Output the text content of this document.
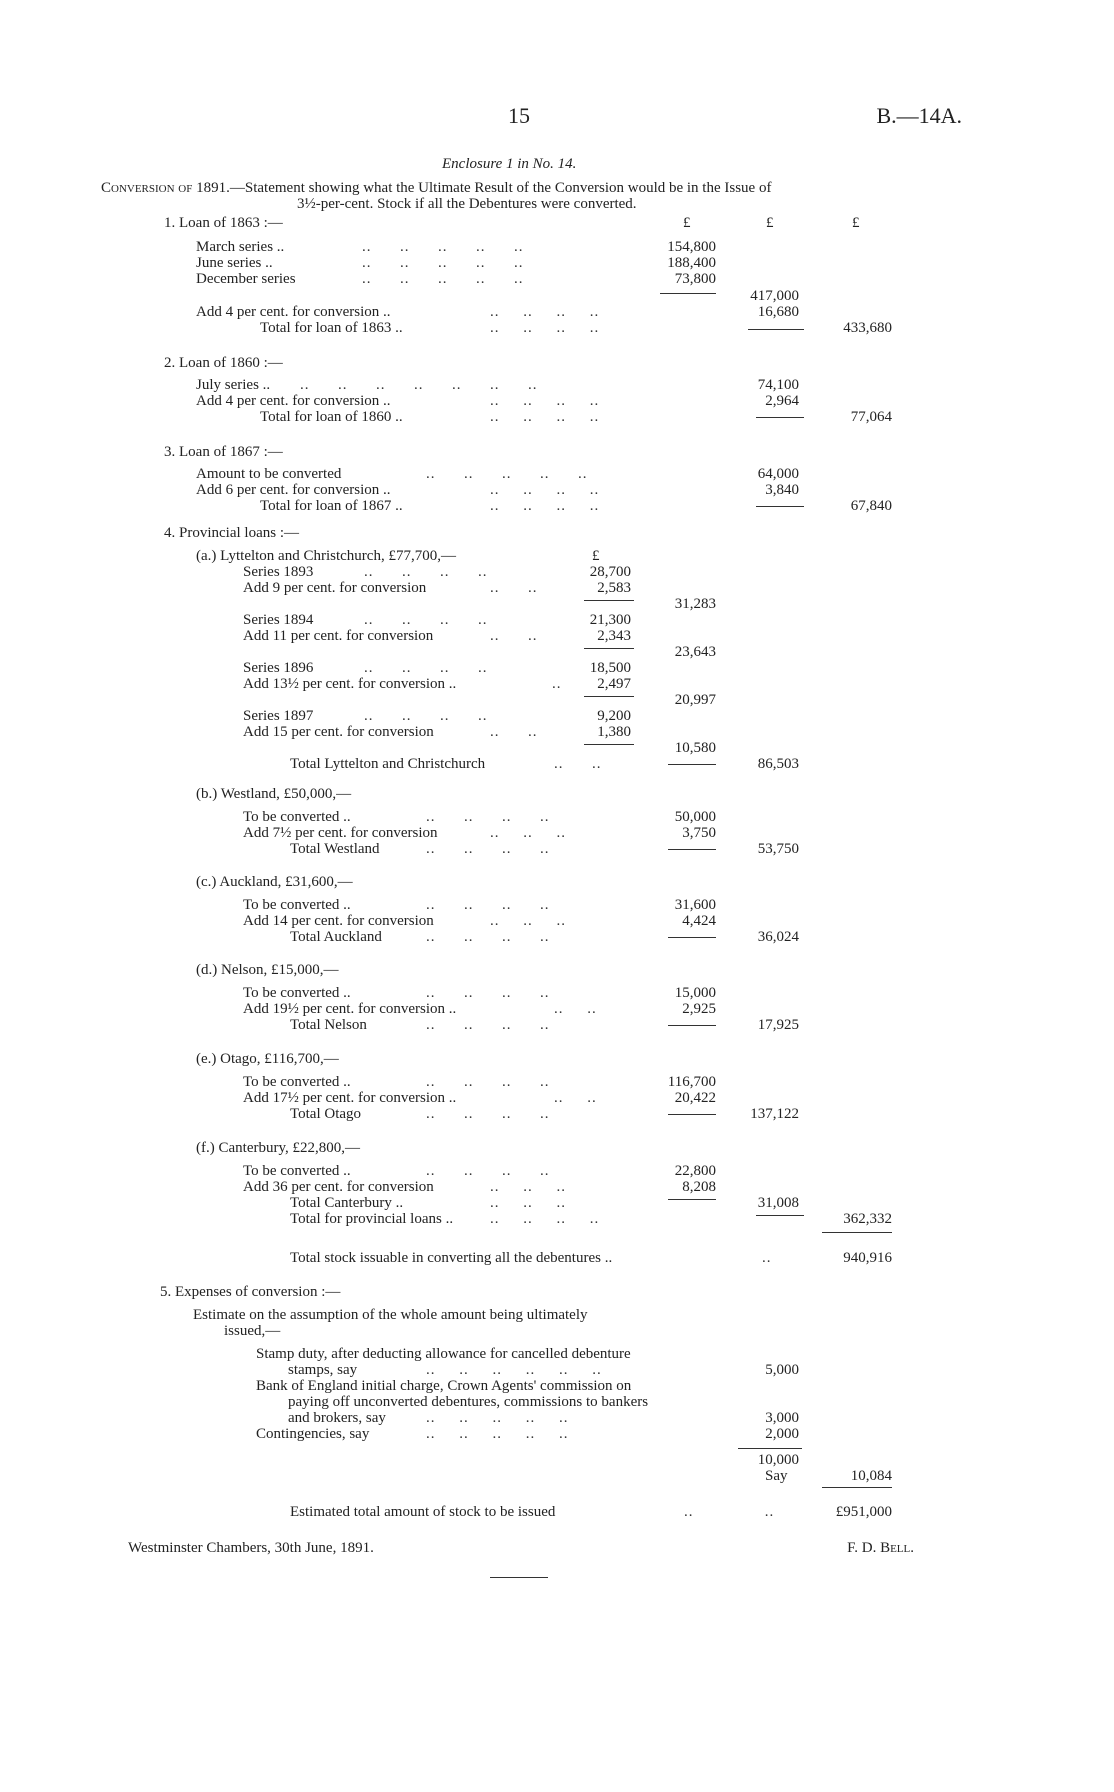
15	B.—14A.
Enclosure 1 in No. 14.
Conversion of 1891.—Statement showing what the Ultimate Result of the Conversion would be in the Issue of
3½-per-cent. Stock if all the Debentures were converted.
£	£	£
1. Loan of 1863 :—
March series ..	..      ..      ..      ..      ..	154,800
June series ..	..      ..      ..      ..      ..	188,400
December series	..      ..      ..      ..      ..	73,800
417,000
Add 4 per cent. for conversion ..	..     ..     ..     ..	16,680
Total for loan of 1863 ..	..     ..     ..     ..	433,680
2. Loan of 1860 :—
July series .. ..      ..      ..      ..      ..      ..      ..	74,100
Add 4 per cent. for conversion ..	..     ..     ..     ..	2,964
Total for loan of 1860 ..	..     ..     ..     ..	77,064
3. Loan of 1867 :—
Amount to be converted	..      ..      ..      ..      ..	64,000
Add 6 per cent. for conversion ..	..     ..     ..     ..	3,840
Total for loan of 1867 ..	..     ..     ..     ..	67,840
4. Provincial loans :—
(a.) Lyttelton and Christchurch, £77,700,—	£
Series 1893	..      ..      ..      ..	28,700
Add 9 per cent. for conversion	..      ..	2,583
31,283
Series 1894	..      ..      ..      ..	21,300
Add 11 per cent. for conversion	..      ..	2,343
23,643
Series 1896	..      ..      ..      ..	18,500
Add 13½ per cent. for conversion ..	.. 2,497
20,997
Series 1897	..      ..      ..      ..	9,200
Add 15 per cent. for conversion	..      ..	1,380
10,580
Total Lyttelton and Christchurch	..      ..	86,503
(b.) Westland, £50,000,—
To be converted ..	..      ..      ..      ..	50,000
Add 7½ per cent. for conversion	..     ..     ..	3,750
Total Westland	..      ..      ..      ..	53,750
(c.) Auckland, £31,600,—
To be converted ..	..      ..      ..      ..	31,600
Add 14 per cent. for conversion	..     ..     ..	4,424
Total Auckland	..      ..      ..      ..	36,024
(d.) Nelson, £15,000,—
To be converted ..	..      ..      ..      ..	15,000
Add 19½ per cent. for conversion ..	..     ..	2,925
Total Nelson	..      ..      ..      ..	17,925
(e.) Otago, £116,700,—
To be converted ..	..      ..      ..      ..	116,700
Add 17½ per cent. for conversion ..	..     ..	20,422
Total Otago	..      ..      ..      ..	137,122
(f.) Canterbury, £22,800,—
To be converted ..	..      ..      ..      ..	22,800
Add 36 per cent. for conversion	..     ..     ..	8,208
Total Canterbury ..	..     ..     ..	31,008
Total for provincial loans .. ..     ..     ..     ..	362,332
Total stock issuable in converting all the debentures ..	..	940,916
5. Expenses of conversion :—
Estimate on the assumption of the whole amount being ultimately
issued,—
Stamp duty, after deducting allowance for cancelled debenture
stamps, say	..     ..     ..     ..     ..     ..	5,000
Bank of England initial charge, Crown Agents' commission on
paying off unconverted debentures, commissions to bankers
and brokers, say	..     ..     ..     ..     ..	3,000
Contingencies, say	..     ..     ..     ..     ..	2,000
10,000
Say	10,084
Estimated total amount of stock to be issued	..               ..	£951,000
Westminster Chambers, 30th June, 1891.	F. D. Bell.
